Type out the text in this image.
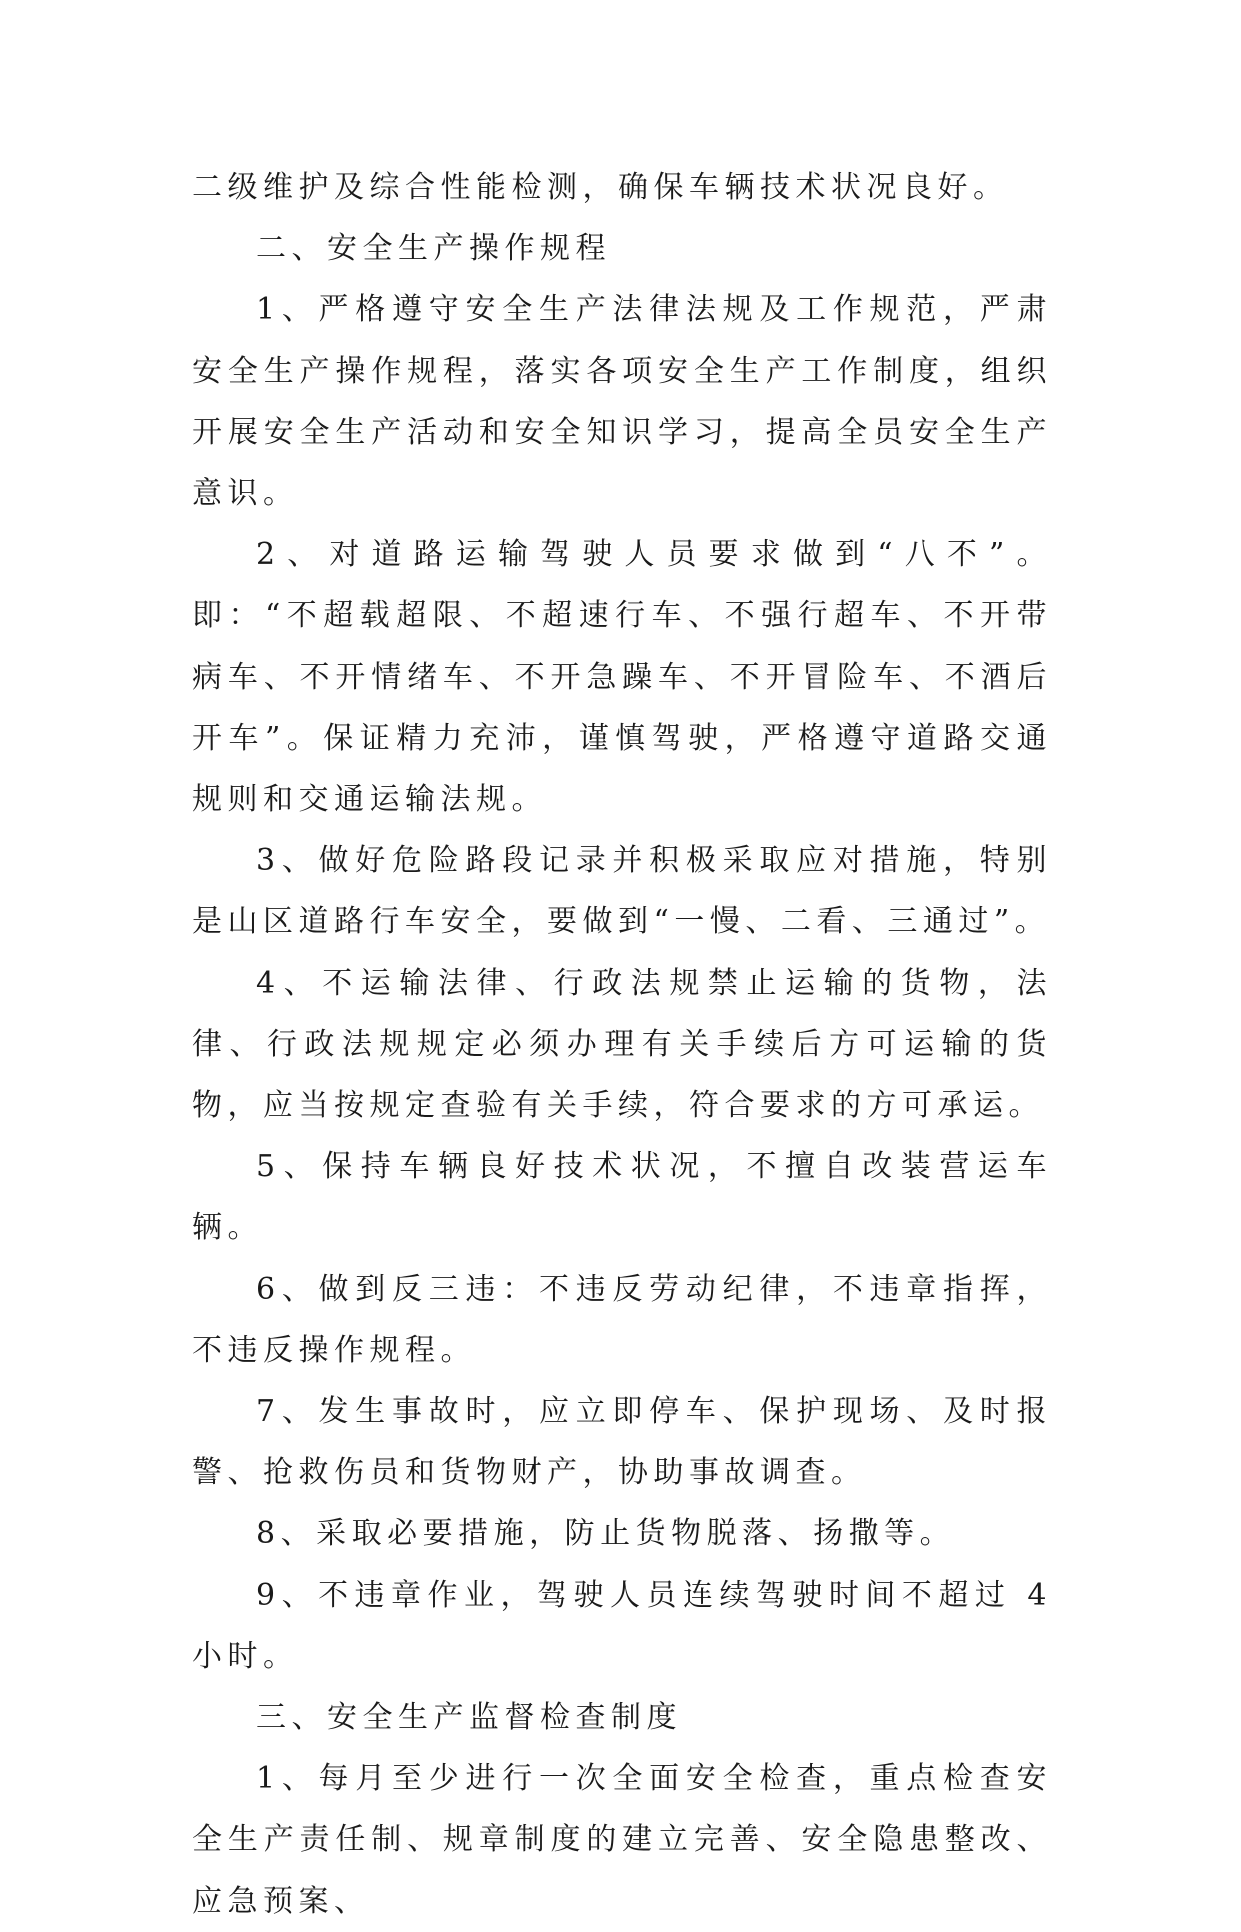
二级维护及综合性能检测，确保车辆技术状况良好。

二、安全生产操作规程

1、严格遵守安全生产法律法规及工作规范，严肃安全生产操作规程，落实各项安全生产工作制度，组织开展安全生产活动和安全知识学习，提高全员安全生产意识。

2、对道路运输驾驶人员要求做到“八不”。即：“不超载超限、不超速行车、不强行超车、不开带病车、不开情绪车、不开急躁车、不开冒险车、不酒后开车”。保证精力充沛，谨慎驾驶，严格遵守道路交通规则和交通运输法规。

3、做好危险路段记录并积极采取应对措施，特别是山区道路行车安全，要做到“一慢、二看、三通过”。

4、不运输法律、行政法规禁止运输的货物，法律、行政法规规定必须办理有关手续后方可运输的货物，应当按规定查验有关手续，符合要求的方可承运。

5、保持车辆良好技术状况，不擅自改装营运车辆。

6、做到反三违：不违反劳动纪律，不违章指挥，不违反操作规程。

7、发生事故时，应立即停车、保护现场、及时报警、抢救伤员和货物财产，协助事故调查。

8、采取必要措施，防止货物脱落、扬撒等。

9、不违章作业，驾驶人员连续驾驶时间不超过 4 小时。

三、安全生产监督检查制度

1、每月至少进行一次全面安全检查，重点检查安全生产责任制、规章制度的建立完善、安全隐患整改、应急预案、
